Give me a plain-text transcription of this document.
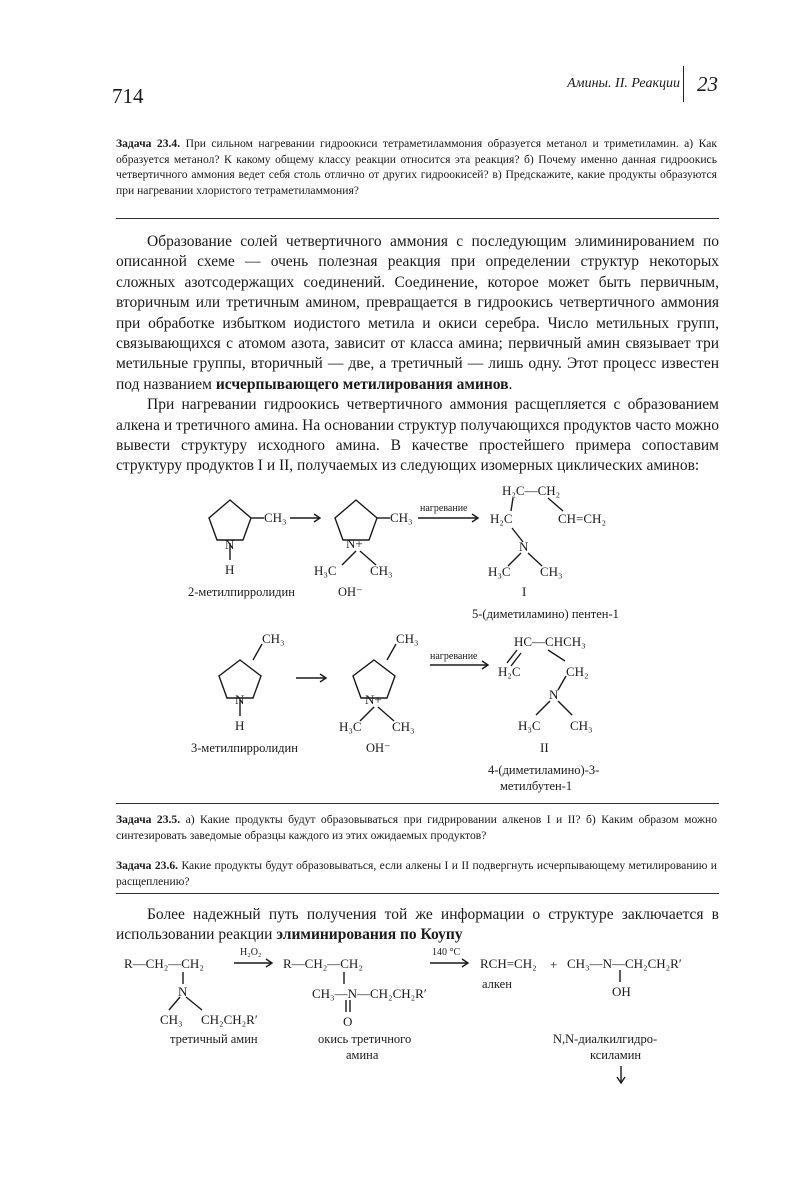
714
Амины. II. Реакции 23
Задача 23.4. При сильном нагревании гидроокиси тетраметиламмония образуется метанол и триметиламин. а) Как образуется метанол? К какому общему классу реакции относится эта реакция? б) Почему именно данная гидроокись четвертичного аммония ведет себя столь отлично от других гидроокисей? в) Предскажите, какие продукты образуются при нагревании хлористого тетраметиламмония?

Образование солей четвертичного аммония с последующим элиминированием по описанной схеме — очень полезная реакция при определении структур некоторых сложных азотсодержащих соединений. Соединение, которое может быть первичным, вторичным или третичным амином, превращается в гидроокись четвертичного аммония при обработке избытком иодистого метила и окиси серебра. Число метильных групп, связывающихся с атомом азота, зависит от класса амина; первичный амин связывает три метильные группы, вторичный — две, а третичный — лишь одну. Этот процесс известен под названием исчерпывающего метилирования аминов.

При нагревании гидроокись четвертичного аммония расщепляется с образованием алкена и третичного амина. На основании структур получающихся продуктов часто можно вывести структуру исходного амина. В качестве простейшего примера сопоставим структуру продуктов I и II, получаемых из следующих изомерных циклических аминов:

CH₃
N
H
CH₃
N+
H₃C	CH₃
нагревание
H₂C—CH₂
H₂C	CH=CH₂
N
H₃C CH₃
I
2-метилпирролидин	OH⁻
5-(диметиламино) пентен-1
CH₃
N
H
CH₃
N+
H₃C CH₃
нагревание
HC—CHCH₃
H₂C	CH₂
N
H₃C CH₃
II
3-метилпирролидин	OH⁻
4-(диметиламино)-3-
метилбутен-1
Задача 23.5. а) Какие продукты будут образовываться при гидрировании алкенов I и II? б) Каким образом можно синтезировать заведомые образцы каждого из этих ожидаемых продуктов?
Задача 23.6. Какие продукты будут образовываться, если алкены I и II подвергнуть исчерпывающему метилированию и расщеплению?

Более надежный путь получения той же информации о структуре заключается в использовании реакции элиминирования по Коупу

R—CH₂—CH₂
N
CH₃ CH₂CH₂R′
третичный амин
H₂O₂
R—CH₂—CH₂
CH₃—N—CH₂CH₂R′
O
окись третичного
амина
140 °C
RCH=CH₂ + CH₃—N—CH₂CH₂R′
OH
алкен
N,N-диалкилгидро-
ксиламин
↓
